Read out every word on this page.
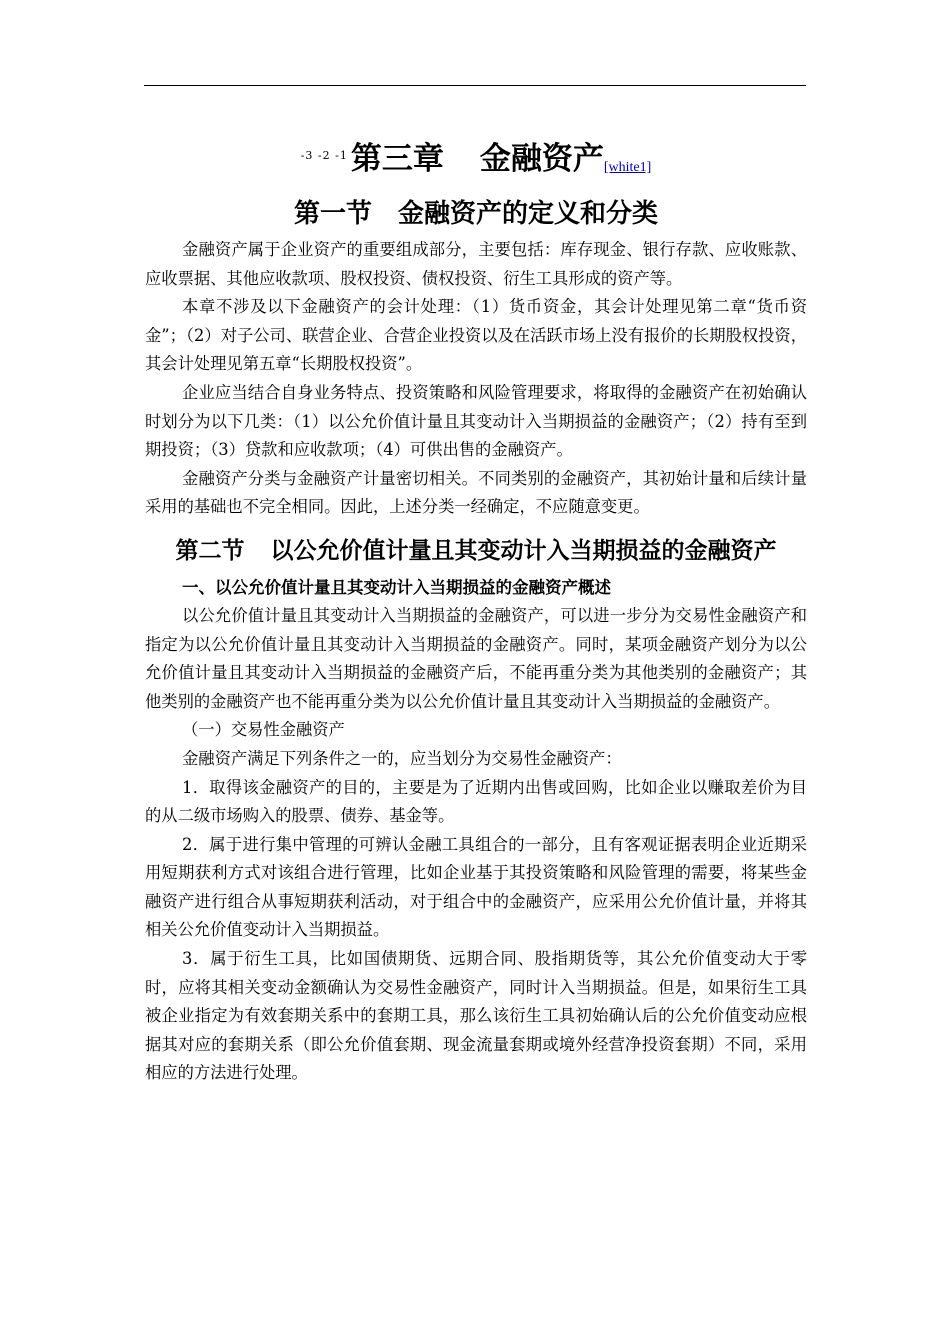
$^{-3 -2 -1}$第三章 金融资产[white1]
第一节 金融资产的定义和分类

金融资产属于企业资产的重要组成部分，主要包括：库存现金、银行存款、应收账款、应收票据、其他应收款项、股权投资、债权投资、衍生工具形成的资产等。

本章不涉及以下金融资产的会计处理：（1）货币资金，其会计处理见第二章“货币资金”；（2）对子公司、联营企业、合营企业投资以及在活跃市场上没有报价的长期股权投资，其会计处理见第五章“长期股权投资”。

企业应当结合自身业务特点、投资策略和风险管理要求，将取得的金融资产在初始确认时划分为以下几类：（1）以公允价值计量且其变动计入当期损益的金融资产；（2）持有至到期投资；（3）贷款和应收款项；（4）可供出售的金融资产。

金融资产分类与金融资产计量密切相关。不同类别的金融资产，其初始计量和后续计量采用的基础也不完全相同。因此，上述分类一经确定，不应随意变更。

第二节 以公允价值计量且其变动计入当期损益的金融资产
一、以公允价值计量且其变动计入当期损益的金融资产概述

以公允价值计量且其变动计入当期损益的金融资产，可以进一步分为交易性金融资产和指定为以公允价值计量且其变动计入当期损益的金融资产。同时，某项金融资产划分为以公允价值计量且其变动计入当期损益的金融资产后，不能再重分类为其他类别的金融资产；其他类别的金融资产也不能再重分类为以公允价值计量且其变动计入当期损益的金融资产。

（一）交易性金融资产

金融资产满足下列条件之一的，应当划分为交易性金融资产：

1．取得该金融资产的目的，主要是为了近期内出售或回购，比如企业以赚取差价为目的从二级市场购入的股票、债券、基金等。

2．属于进行集中管理的可辨认金融工具组合的一部分，且有客观证据表明企业近期采用短期获利方式对该组合进行管理，比如企业基于其投资策略和风险管理的需要，将某些金融资产进行组合从事短期获利活动，对于组合中的金融资产，应采用公允价值计量，并将其相关公允价值变动计入当期损益。

3．属于衍生工具，比如国债期货、远期合同、股指期货等，其公允价值变动大于零时，应将其相关变动金额确认为交易性金融资产，同时计入当期损益。但是，如果衍生工具被企业指定为有效套期关系中的套期工具，那么该衍生工具初始确认后的公允价值变动应根据其对应的套期关系（即公允价值套期、现金流量套期或境外经营净投资套期）不同，采用相应的方法进行处理。
